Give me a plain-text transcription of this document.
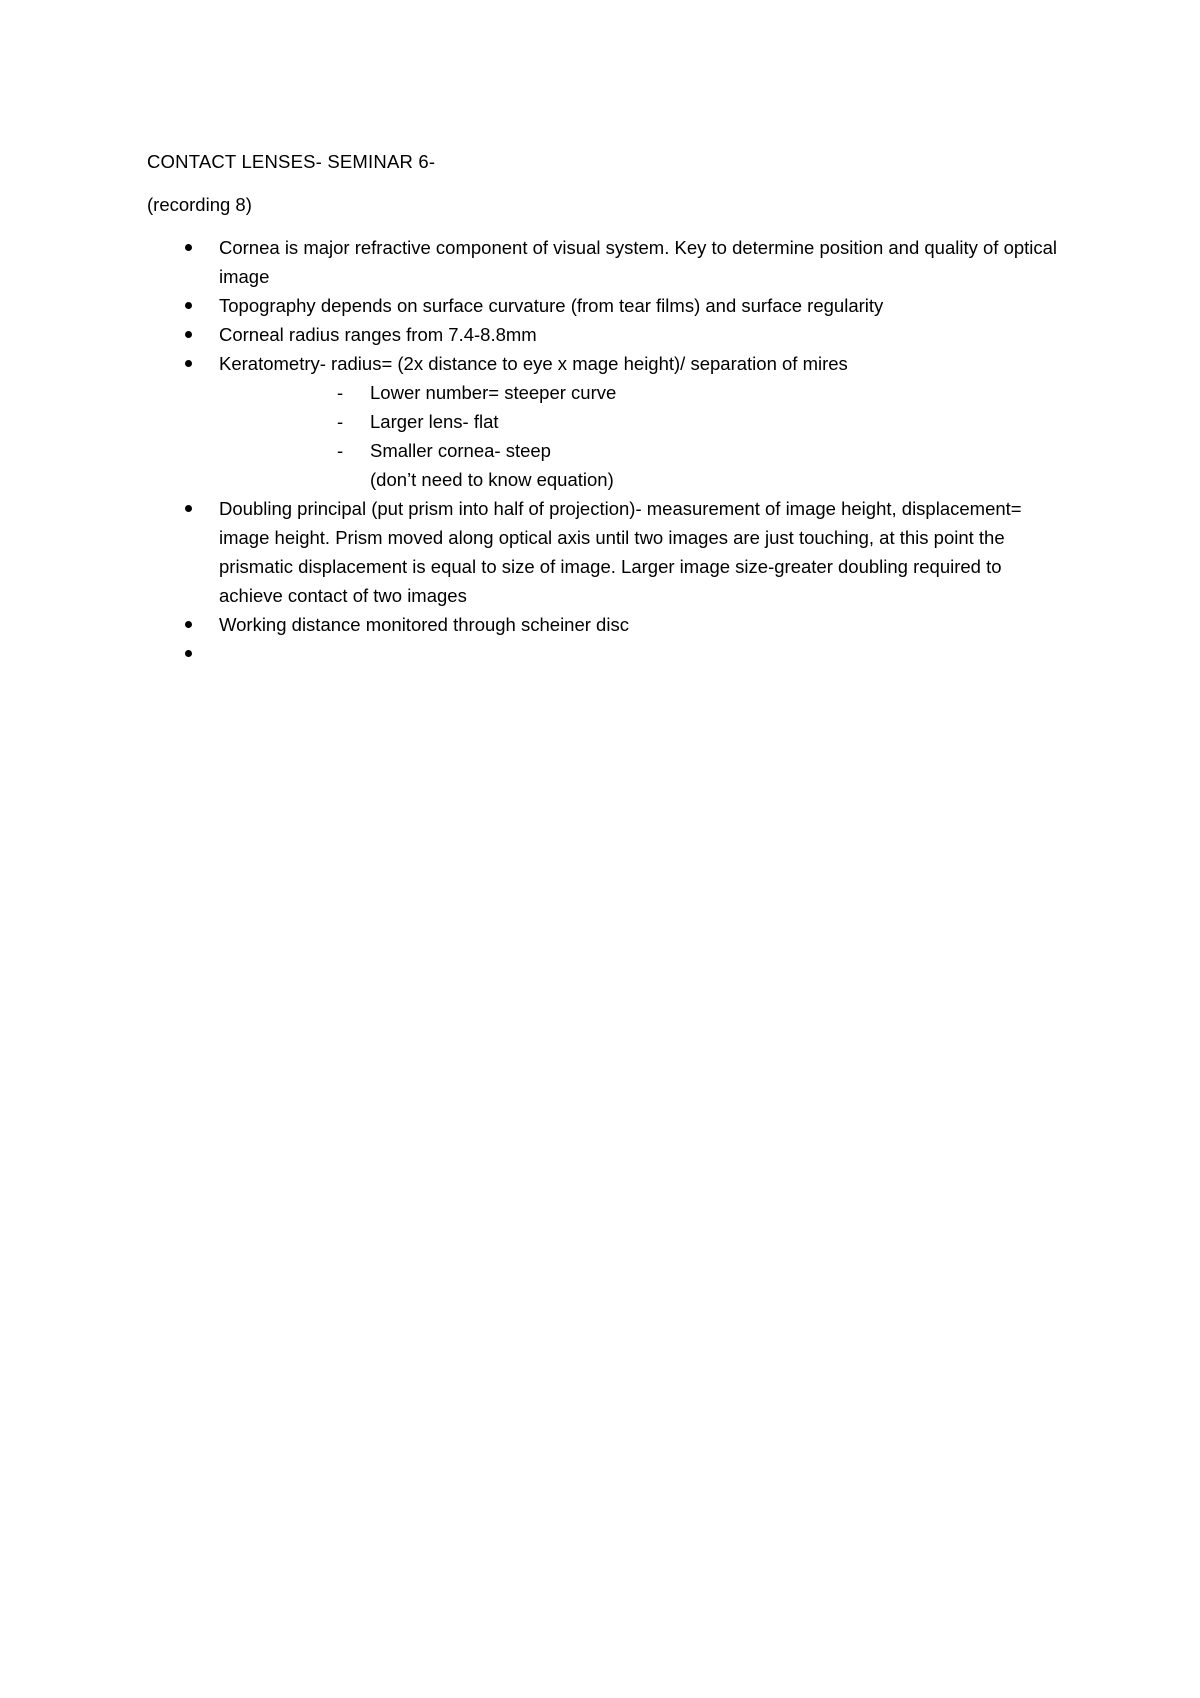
CONTACT LENSES- SEMINAR 6-

(recording 8)

Cornea is major refractive component of visual system. Key to determine position and quality of optical image
Topography depends on surface curvature (from tear films) and surface regularity
Corneal radius ranges from 7.4-8.8mm
Keratometry- radius= (2x distance to eye x mage height)/ separation of mires
- Lower number= steeper curve
- Larger lens- flat
- Smaller cornea- steep
(don’t need to know equation)
Doubling principal (put prism into half of projection)- measurement of image height, displacement= image height. Prism moved along optical axis until two images are just touching, at this point the prismatic displacement is equal to size of image. Larger image size-greater doubling required to achieve contact of two images
Working distance monitored through scheiner disc
